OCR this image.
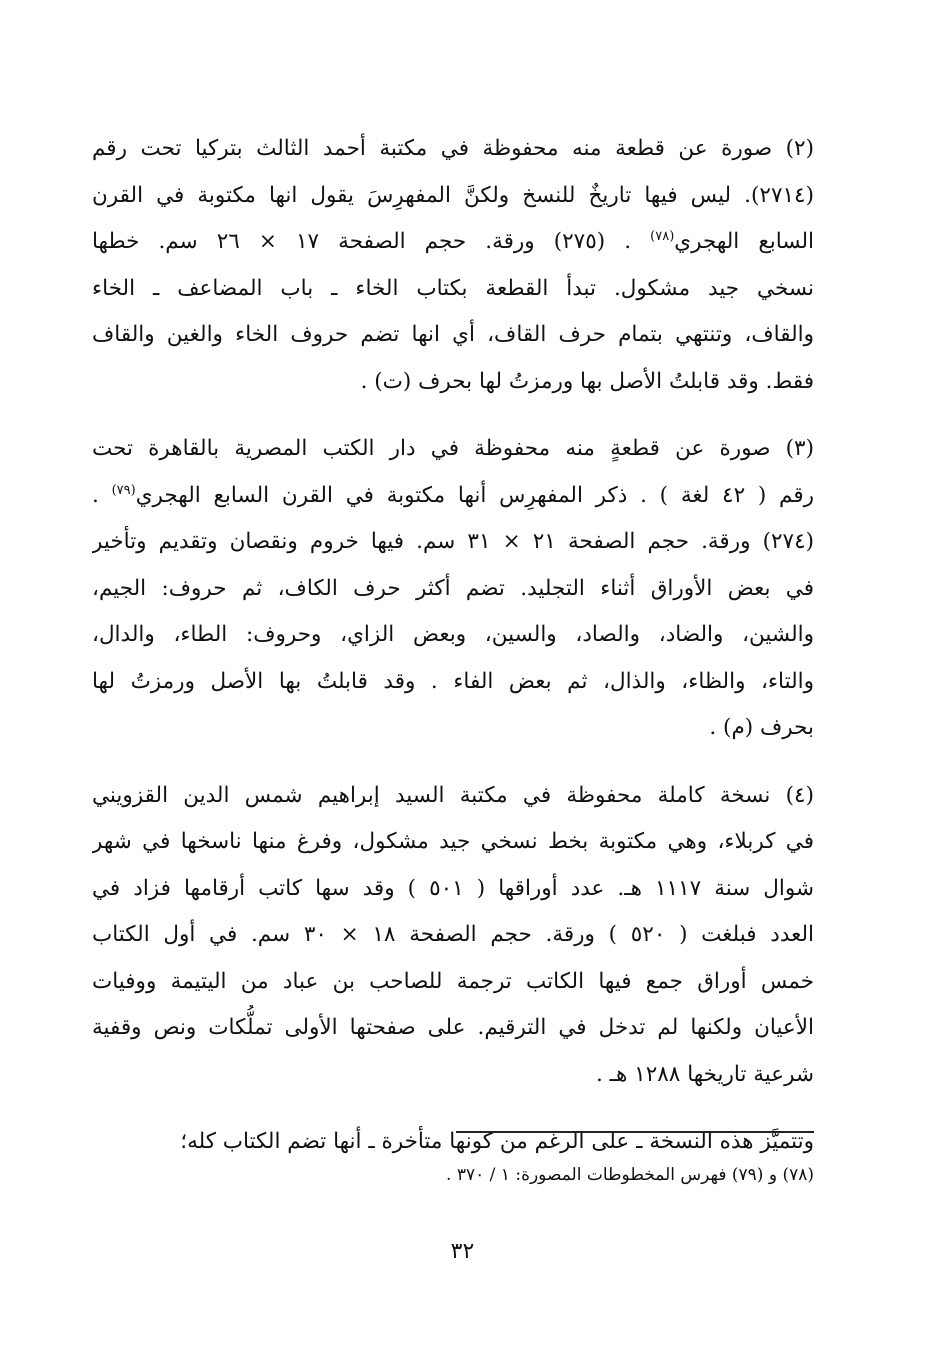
(٢) صورة عن قطعة منه محفوظة في مكتبة أحمد الثالث بتركيا تحت رقم
(٢٧١٤). ليس فيها تاريخٌ للنسخ ولكنَّ المفهرِسَ يقول انها مكتوبة في القرن
السابع الهجري$^{(٧٨)}$ . (٢٧٥) ورقة. حجم الصفحة ١٧ × ٢٦ سم. خطها
نسخي جيد مشكول. تبدأ القطعة بكتاب الخاء ـ باب المضاعف ـ الخاء
والقاف، وتنتهي بتمام حرف القاف، أي انها تضم حروف الخاء والغين والقاف
فقط. وقد قابلتُ الأصل بها ورمزتُ لها بحرف (ت) .
(٣) صورة عن قطعةٍ منه محفوظة في دار الكتب المصرية بالقاهرة تحت
رقم ( ٤٢ لغة ) . ذكر المفهرِس أنها مكتوبة في القرن السابع الهجري$^{(٧٩)}$ .
(٢٧٤) ورقة. حجم الصفحة ٢١ × ٣١ سم. فيها خروم ونقصان وتقديم وتأخير
في بعض الأوراق أثناء التجليد. تضم أكثر حرف الكاف، ثم حروف: الجيم،
والشين، والضاد، والصاد، والسين، وبعض الزاي، وحروف: الطاء، والدال،
والتاء، والظاء، والذال، ثم بعض الفاء . وقد قابلتُ بها الأصل ورمزتُ لها
بحرف (م) .
(٤) نسخة كاملة محفوظة في مكتبة السيد إبراهيم شمس الدين القزويني
في كربلاء، وهي مكتوبة بخط نسخي جيد مشكول، وفرغ منها ناسخها في شهر
شوال سنة ١١١٧ هـ. عدد أوراقها ( ٥٠١ ) وقد سها كاتب أرقامها فزاد في
العدد فبلغت ( ٥٢٠ ) ورقة. حجم الصفحة ١٨ × ٣٠ سم. في أول الكتاب
خمس أوراق جمع فيها الكاتب ترجمة للصاحب بن عباد من اليتيمة ووفيات
الأعيان ولكنها لم تدخل في الترقيم. على صفحتها الأولى تملُّكات ونص وقفية
شرعية تاريخها ١٢٨٨ هـ .
وتتميَّز هذه النسخة ـ على الرغم من كونها متأخرة ـ أنها تضم الكتاب كله؛
(٧٨) و (٧٩) فهرس المخطوطات المصورة: ١ / ٣٧٠ .
٣٢
